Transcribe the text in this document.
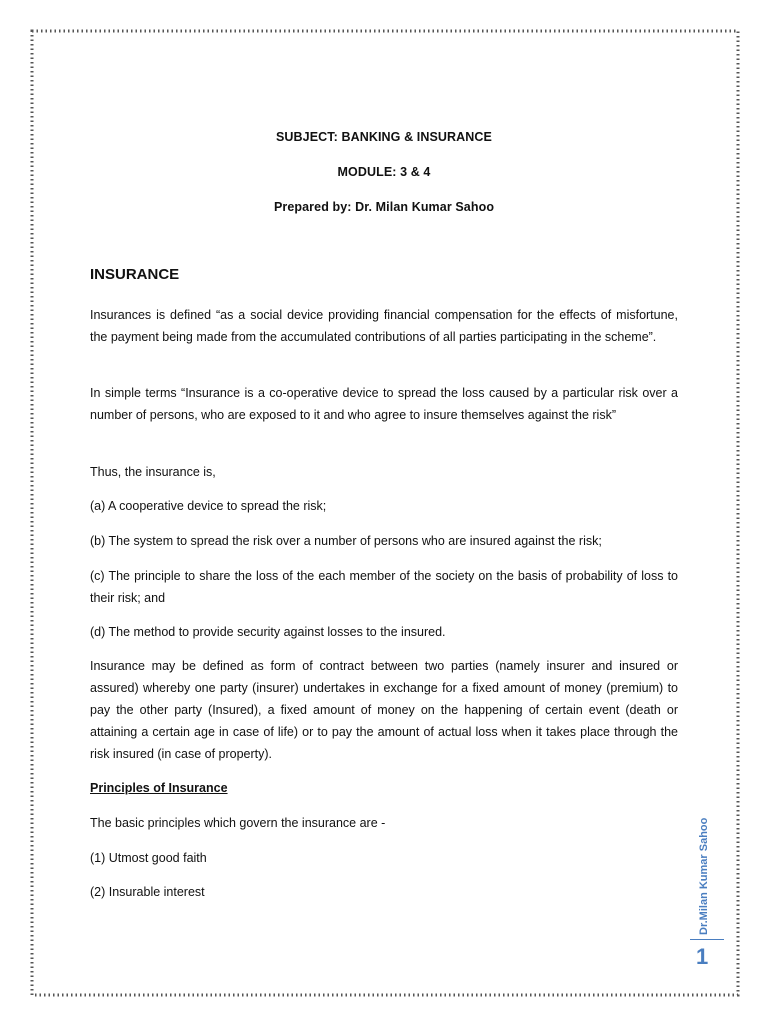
SUBJECT: BANKING & INSURANCE
MODULE: 3 & 4
Prepared by: Dr. Milan Kumar Sahoo
INSURANCE
Insurances is defined “as a social device providing financial compensation for the effects of misfortune, the payment being made from the accumulated contributions of all parties participating in the scheme”.
In simple terms “Insurance is a co-operative device to spread the loss caused by a particular risk over a number of persons, who are exposed to it and who agree to insure themselves against the risk”
Thus, the insurance is,
(a) A cooperative device to spread the risk;
(b) The system to spread the risk over a number of persons who are insured against the risk;
(c) The principle to share the loss of the each member of the society on the basis of probability of loss to their risk; and
(d) The method to provide security against losses to the insured.
Insurance may be defined as form of contract between two parties (namely insurer and insured or assured) whereby one party (insurer) undertakes in exchange for a fixed amount of money (premium) to pay the other party (Insured), a fixed amount of money on the happening of certain event (death or attaining a certain age in case of life) or to pay the amount of actual loss when it takes place through the risk insured (in case of property).
Principles of Insurance
The basic principles which govern the insurance are -
(1) Utmost good faith
(2) Insurable interest	Dr.Milan Kumar Sahoo
1
